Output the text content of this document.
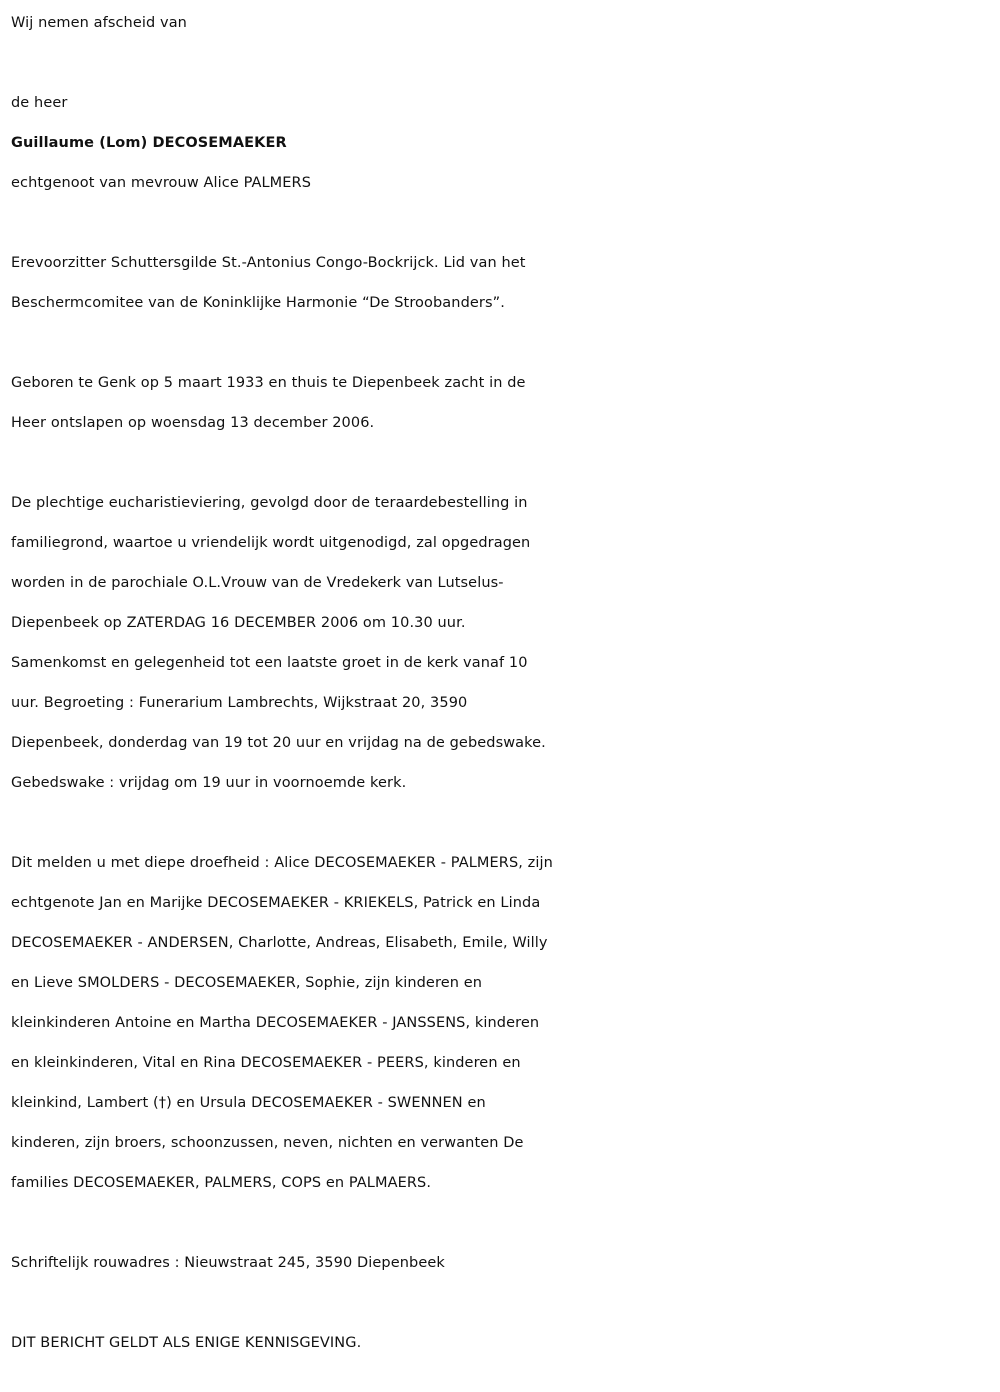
Wij nemen afscheid van
de heer
Guillaume (Lom) DECOSEMAEKER
echtgenoot van mevrouw Alice PALMERS
Erevoorzitter Schuttersgilde St.-Antonius Congo-Bockrijck. Lid van het
Beschermcomitee van de Koninklijke Harmonie “De Stroobanders”.
Geboren te Genk op 5 maart 1933 en thuis te Diepenbeek zacht in de
Heer ontslapen op woensdag 13 december 2006.
De plechtige eucharistieviering, gevolgd door de teraardebestelling in
familiegrond, waartoe u vriendelijk wordt uitgenodigd, zal opgedragen
worden in de parochiale O.L.Vrouw van de Vredekerk van Lutselus-
Diepenbeek op ZATERDAG 16 DECEMBER 2006 om 10.30 uur.
Samenkomst en gelegenheid tot een laatste groet in de kerk vanaf 10
uur. Begroeting : Funerarium Lambrechts, Wijkstraat 20, 3590
Diepenbeek, donderdag van 19 tot 20 uur en vrijdag na de gebedswake.
Gebedswake : vrijdag om 19 uur in voornoemde kerk.
Dit melden u met diepe droefheid : Alice DECOSEMAEKER - PALMERS, zijn
echtgenote Jan en Marijke DECOSEMAEKER - KRIEKELS, Patrick en Linda
DECOSEMAEKER - ANDERSEN, Charlotte, Andreas, Elisabeth, Emile, Willy
en Lieve SMOLDERS - DECOSEMAEKER, Sophie, zijn kinderen en
kleinkinderen Antoine en Martha DECOSEMAEKER - JANSSENS, kinderen
en kleinkinderen, Vital en Rina DECOSEMAEKER - PEERS, kinderen en
kleinkind, Lambert (†) en Ursula DECOSEMAEKER - SWENNEN en
kinderen, zijn broers, schoonzussen, neven, nichten en verwanten De
families DECOSEMAEKER, PALMERS, COPS en PALMAERS.
Schriftelijk rouwadres : Nieuwstraat 245, 3590 Diepenbeek
DIT BERICHT GELDT ALS ENIGE KENNISGEVING.
